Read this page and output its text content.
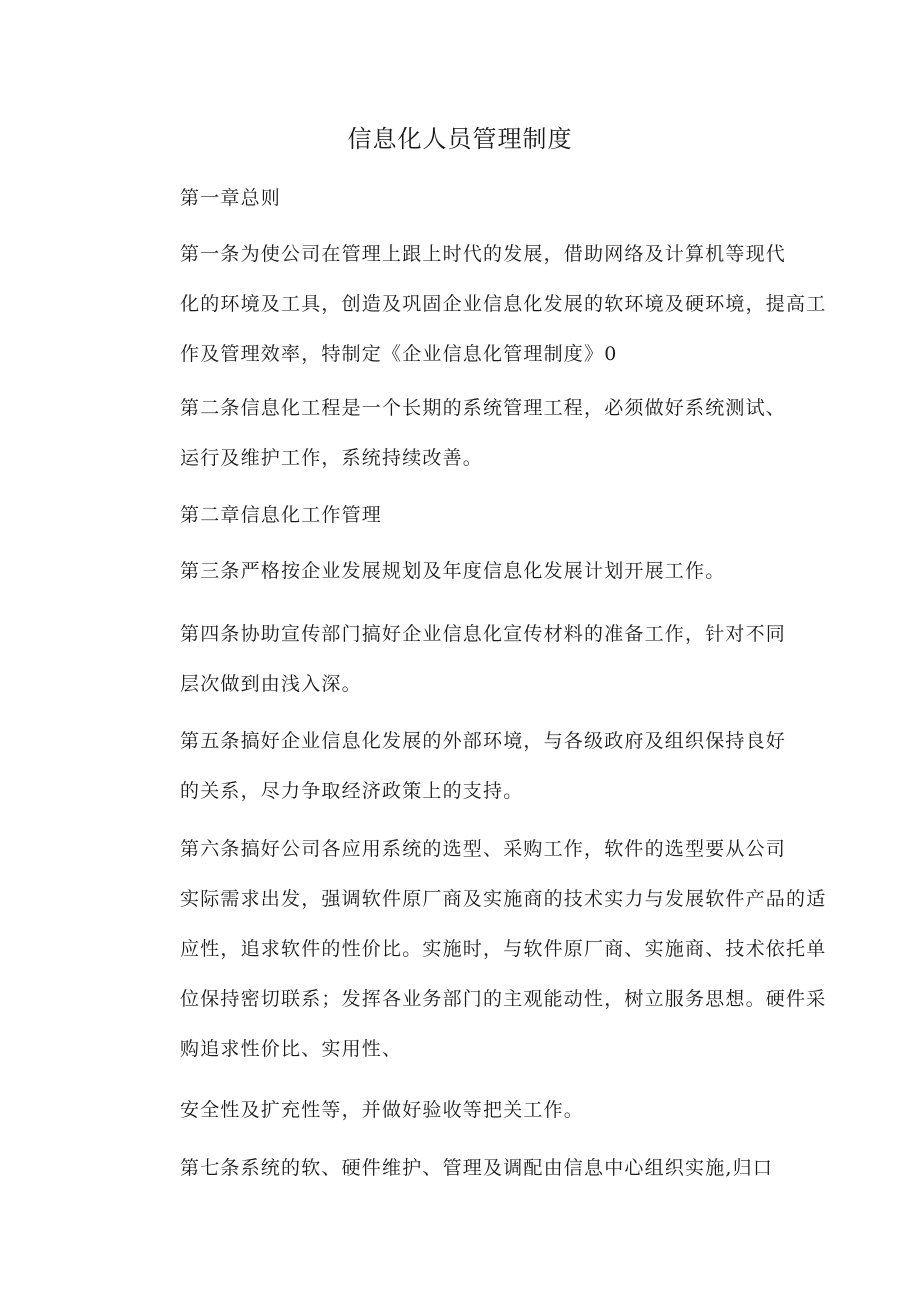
信息化人员管理制度
第一章总则
第一条为使公司在管理上跟上时代的发展，借助网络及计算机等现代
化的环境及工具，创造及巩固企业信息化发展的软环境及硬环境，提高工
作及管理效率，特制定《企业信息化管理制度》0
第二条信息化工程是一个长期的系统管理工程，必须做好系统测试、
运行及维护工作，系统持续改善。
第二章信息化工作管理
第三条严格按企业发展规划及年度信息化发展计划开展工作。
第四条协助宣传部门搞好企业信息化宣传材料的准备工作，针对不同
层次做到由浅入深。
第五条搞好企业信息化发展的外部环境，与各级政府及组织保持良好
的关系，尽力争取经济政策上的支持。
第六条搞好公司各应用系统的选型、采购工作，软件的选型要从公司
实际需求出发，强调软件原厂商及实施商的技术实力与发展软件产品的适
应性，追求软件的性价比。实施时，与软件原厂商、实施商、技术依托单
位保持密切联系；发挥各业务部门的主观能动性，树立服务思想。硬件采
购追求性价比、实用性、
安全性及扩充性等，并做好验收等把关工作。
第七条系统的软、硬件维护、管理及调配由信息中心组织实施,归口
